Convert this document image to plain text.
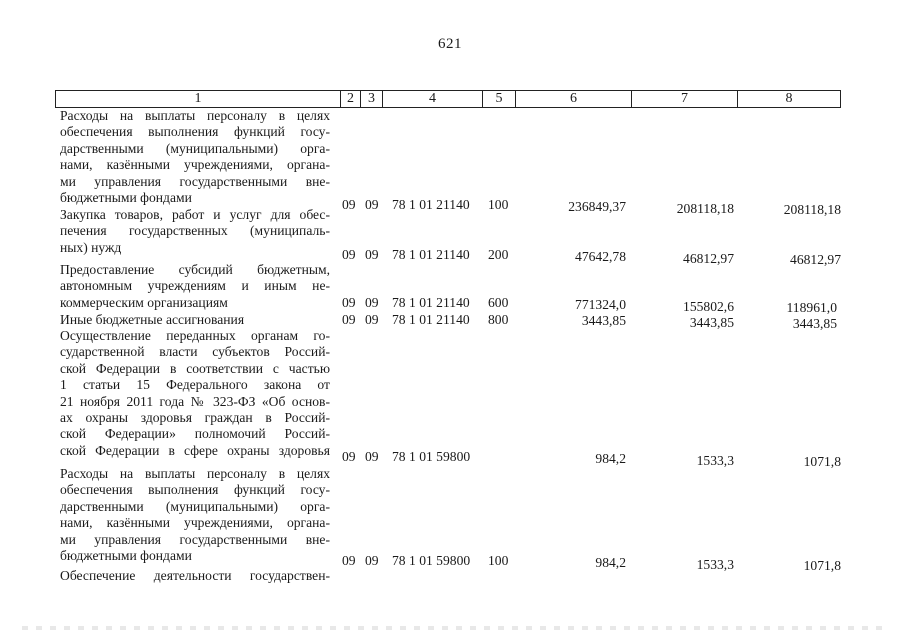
621
1	2	3	4	5	6	7	8
Расходы на выплаты персоналу в целях
обеспечения выполнения функций госу-
дарственными (муниципальными) орга-
нами, казёнными учреждениями, органа-
ми управления государственными вне-
бюджетными фондами	09 09 78 1 01 21140 100	236849,37	208118,18	208118,18
Закупка товаров, работ и услуг для обес-
печения государственных (муниципаль-
ных) нужд	09 09 78 1 01 21140 200	47642,78	46812,97	46812,97
Предоставление субсидий бюджетным,
автономным учреждениям и иным не-
коммерческим организациям	09 09 78 1 01 21140 600	771324,0	155802,6	118961,0
Иные бюджетные ассигнования	09 09 78 1 01 21140 800	3443,85	3443,85	3443,85
Осуществление переданных органам го-
сударственной власти субъектов Россий-
ской Федерации в соответствии с частью
1 статьи 15 Федерального закона от
21 ноября 2011 года № 323-ФЗ «Об основ-
ах охраны здоровья граждан в Россий-
ской Федерации» полномочий Россий-
ской Федерации в сфере охраны здоровья 09 09 78 1 01 59800	984,2	1533,3	1071,8
Расходы на выплаты персоналу в целях
обеспечения выполнения функций госу-
дарственными (муниципальными) орга-
нами, казёнными учреждениями, органа-
ми управления государственными вне-
бюджетными фондами	09 09 78 1 01 59800 100	984,2	1533,3	1071,8
Обеспечение деятельности государствен-
